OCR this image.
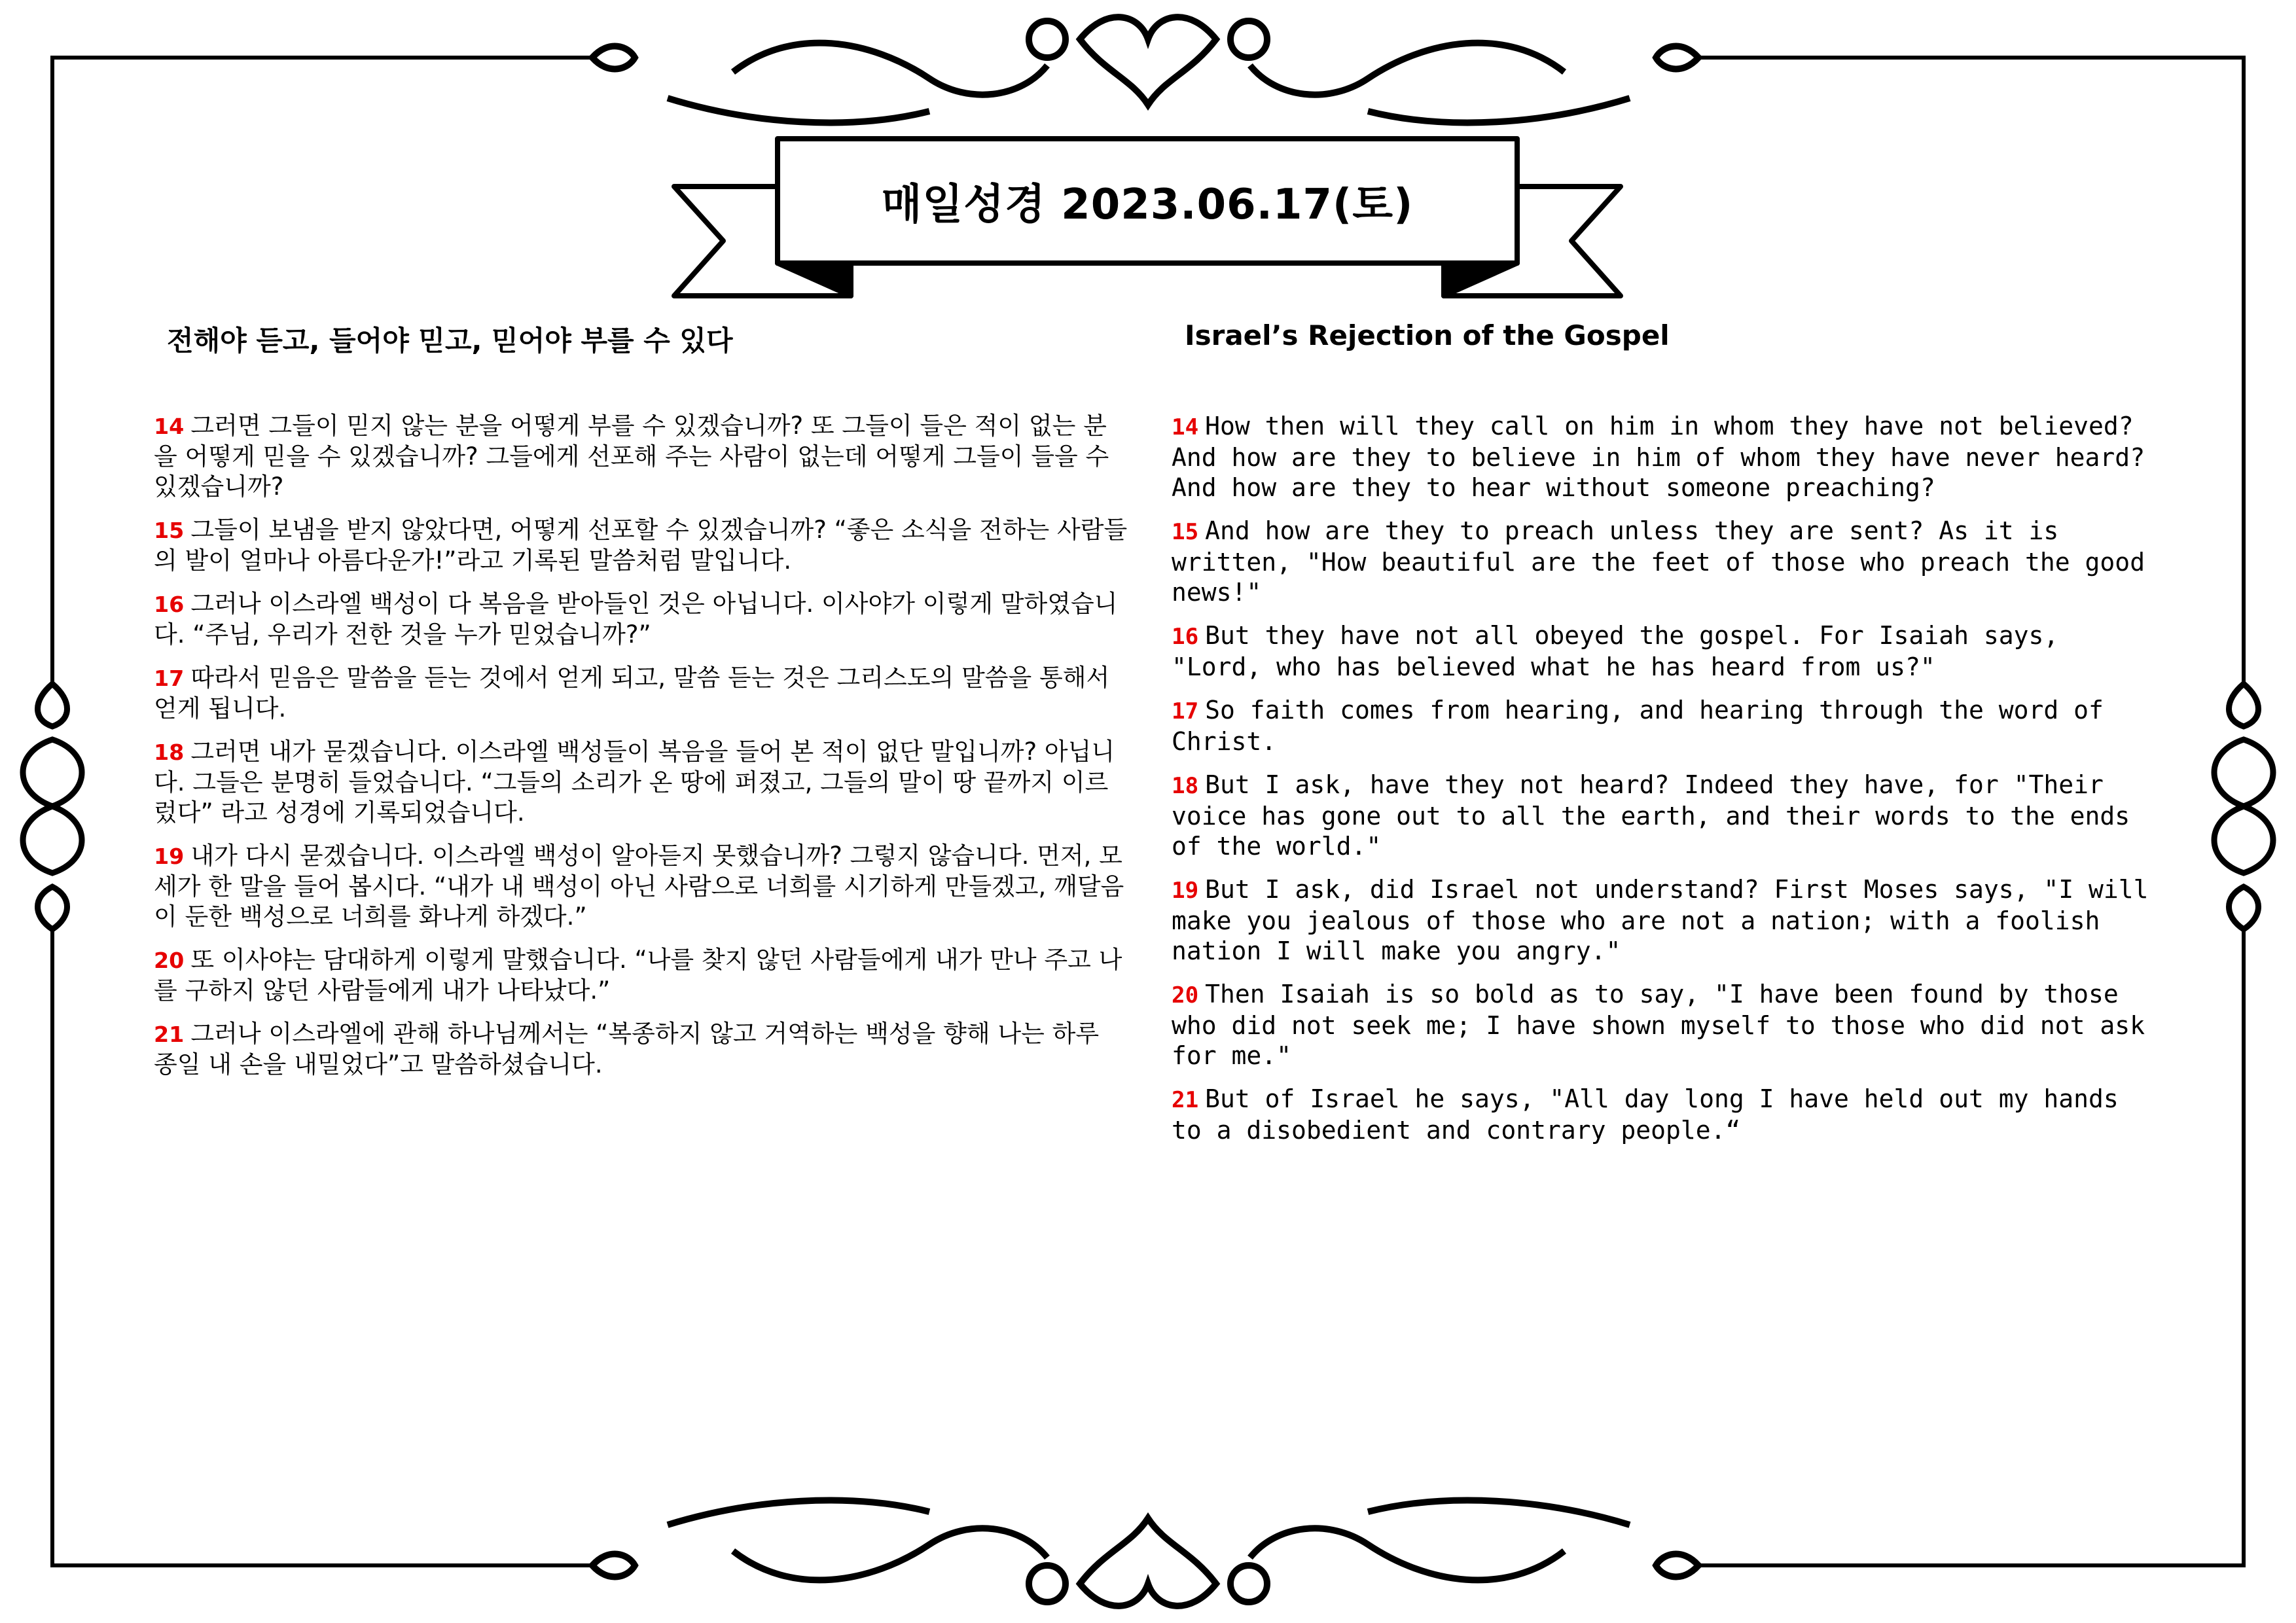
매일성경 2023.06.17(토)
전해야 듣고, 들어야 믿고, 믿어야 부를 수 있다	Israel’s Rejection of the Gospel

14 그러면 그들이 믿지 않는 분을 어떻게 부를 수 있겠습니까? 또 그들이 들은 적이 없는 분을 어떻게 믿을 수 있겠습니까? 그들에게 선포해 주는 사람이 없는데 어떻게 그들이 들을 수 있겠습니까?

15 그들이 보냄을 받지 않았다면, 어떻게 선포할 수 있겠습니까? “좋은 소식을 전하는 사람들의 발이 얼마나 아름다운가!”라고 기록된 말씀처럼 말입니다.

16 그러나 이스라엘 백성이 다 복음을 받아들인 것은 아닙니다. 이사야가 이렇게 말하였습니다. “주님, 우리가 전한 것을 누가 믿었습니까?”

17 따라서 믿음은 말씀을 듣는 것에서 얻게 되고, 말씀 듣는 것은 그리스도의 말씀을 통해서 얻게 됩니다.

18 그러면 내가 묻겠습니다. 이스라엘 백성들이 복음을 들어 본 적이 없단 말입니까? 아닙니다. 그들은 분명히 들었습니다. “그들의 소리가 온 땅에 퍼졌고, 그들의 말이 땅 끝까지 이르렀다” 라고 성경에 기록되었습니다.

19 내가 다시 묻겠습니다. 이스라엘 백성이 알아듣지 못했습니까? 그렇지 않습니다. 먼저, 모세가 한 말을 들어 봅시다. “내가 내 백성이 아닌 사람으로 너희를 시기하게 만들겠고, 깨달음이 둔한 백성으로 너희를 화나게 하겠다.”

20 또 이사야는 담대하게 이렇게 말했습니다. “나를 찾지 않던 사람들에게 내가 만나 주고 나를 구하지 않던 사람들에게 내가 나타났다.”

21 그러나 이스라엘에 관해 하나님께서는 “복종하지 않고 거역하는 백성을 향해 나는 하루 종일 내 손을 내밀었다”고 말씀하셨습니다.

14 How then will they call on him in whom they have not believed? And how are they to believe in him of whom they have never heard? And how are they to hear without someone preaching?

15 And how are they to preach unless they are sent? As it is written, "How beautiful are the feet of those who preach the good news!"

16 But they have not all obeyed the gospel. For Isaiah says, "Lord, who has believed what he has heard from us?"

17 So faith comes from hearing, and hearing through the word of Christ.

18 But I ask, have they not heard? Indeed they have, for "Their voice has gone out to all the earth, and their words to the ends of the world."

19 But I ask, did Israel not understand? First Moses says, "I will make you jealous of those who are not a nation; with a foolish nation I will make you angry."

20 Then Isaiah is so bold as to say, "I have been found by those who did not seek me; I have shown myself to those who did not ask for me."

21 But of Israel he says, "All day long I have held out my hands to a disobedient and contrary people.“
